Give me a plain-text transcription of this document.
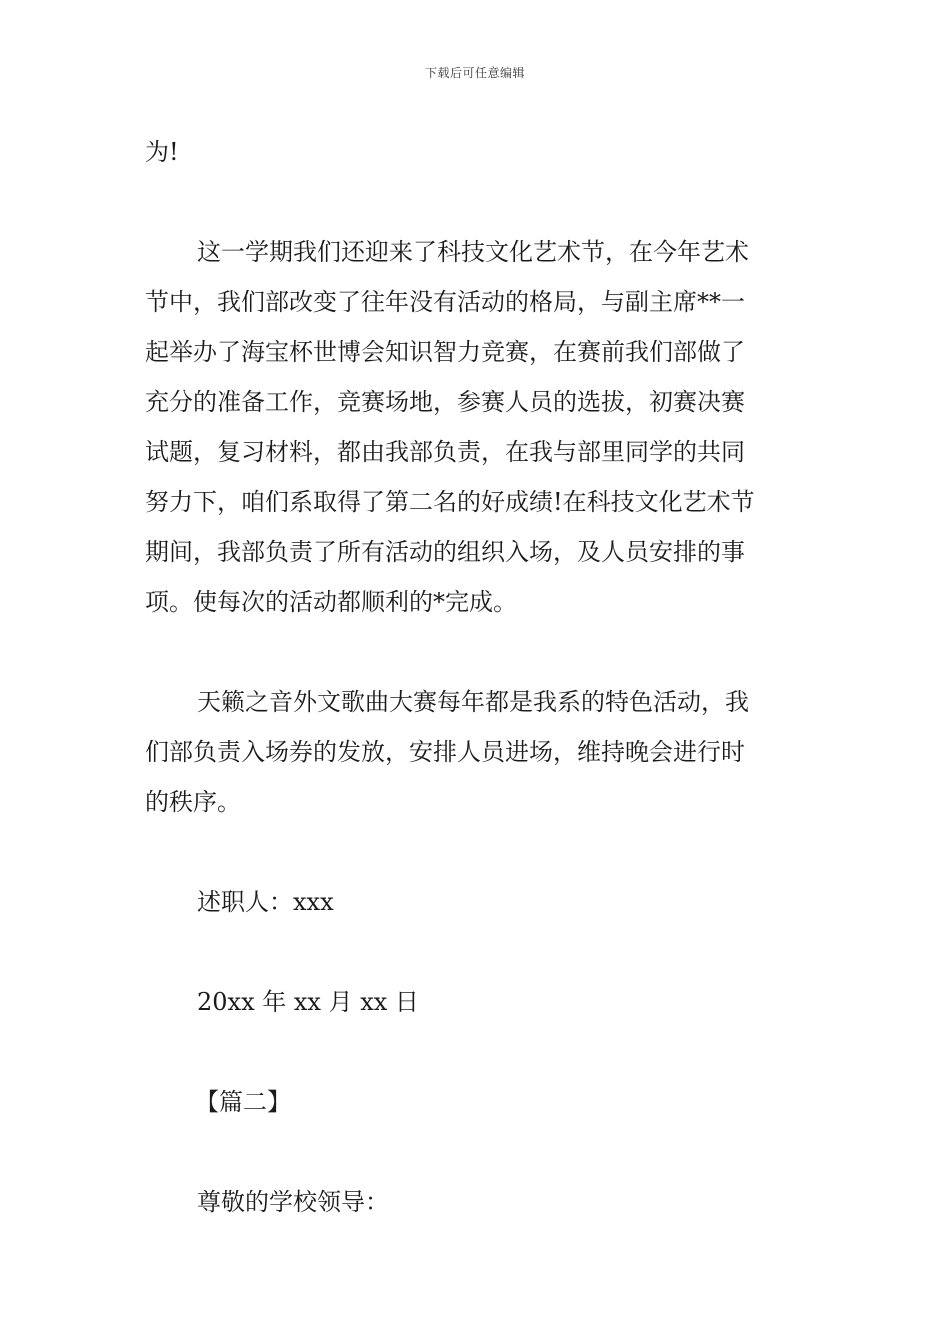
下载后可任意编辑

为!

这一学期我们还迎来了科技文化艺术节，在今年艺术

节中，我们部改变了往年没有活动的格局，与副主席**一

起举办了海宝杯世博会知识智力竞赛，在赛前我们部做了

充分的准备工作，竞赛场地，参赛人员的选拔，初赛决赛

试题，复习材料，都由我部负责，在我与部里同学的共同

努力下，咱们系取得了第二名的好成绩!在科技文化艺术节

期间，我部负责了所有活动的组织入场，及人员安排的事

项。使每次的活动都顺利的*完成。

天籁之音外文歌曲大赛每年都是我系的特色活动，我

们部负责入场券的发放，安排人员进场，维持晚会进行时

的秩序。

述职人：xxx

20xx 年 xx 月 xx 日

【篇二】

尊敬的学校领导：
